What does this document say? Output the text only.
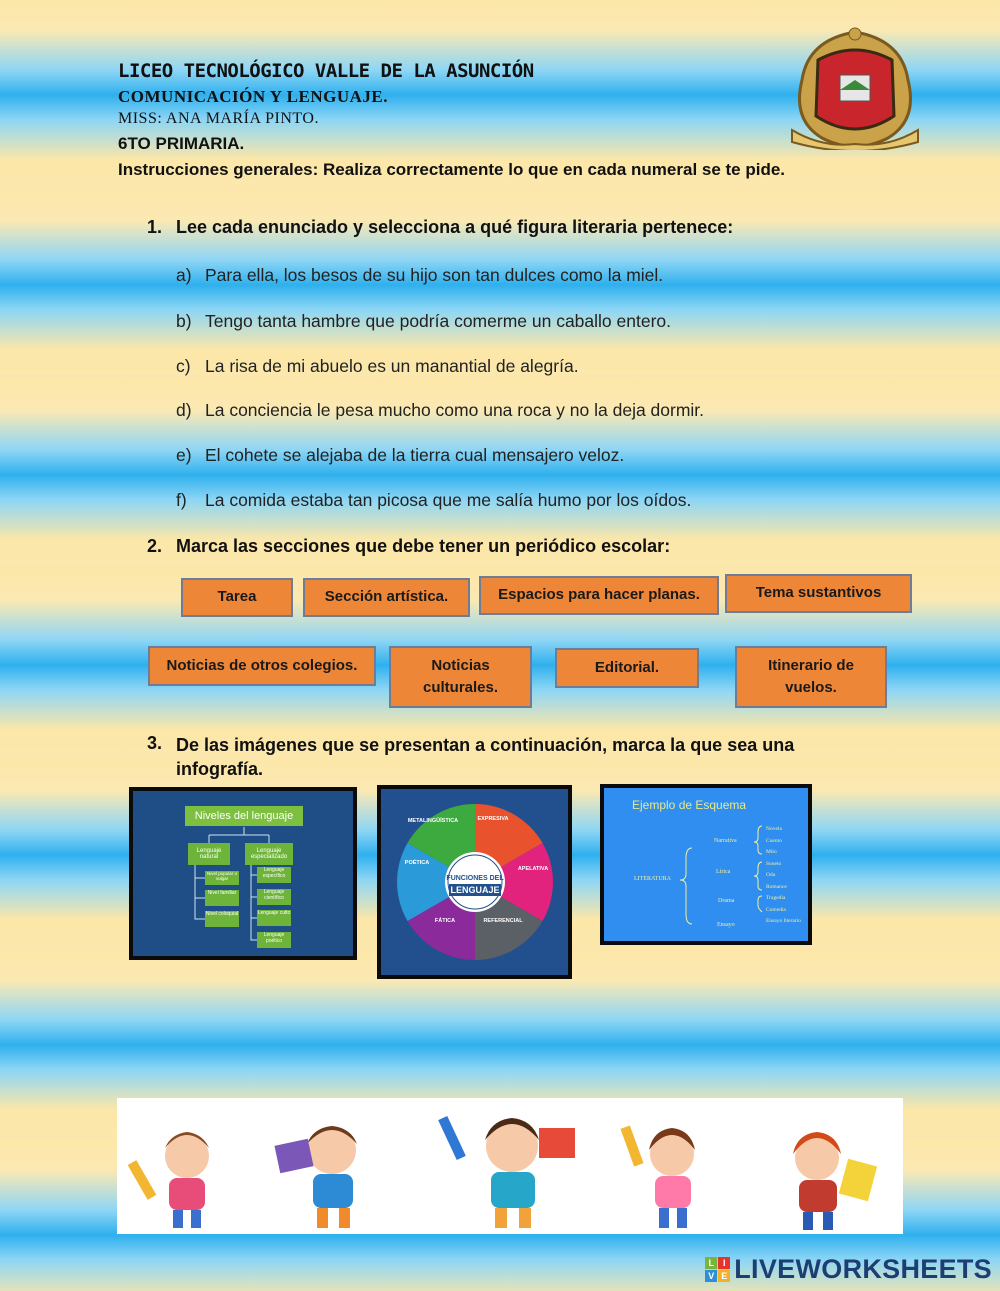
LICEO TECNOLÓGICO VALLE DE LA ASUNCIÓN
COMUNICACIÓN Y LENGUAJE.
MISS: ANA MARÍA PINTO.
6TO PRIMARIA.
Instrucciones generales: Realiza correctamente lo que en cada numeral se te pide.
1. Lee cada enunciado y selecciona a qué figura literaria pertenece:
a) Para ella, los besos de su hijo son tan dulces como la miel.
b) Tengo tanta hambre que podría comerme un caballo entero.
c) La risa de mi abuelo es un manantial de alegría.
d) La conciencia le pesa mucho como una roca y no la deja dormir.
e) El cohete se alejaba de la tierra cual mensajero veloz.
f) La comida estaba tan picosa que me salía humo por los oídos.
2. Marca las secciones que debe tener un periódico escolar:
Tarea	Sección artística.	Espacios para hacer planas.	Tema sustantivos
Noticias de otros colegios.	Noticias culturales.
Editorial.	Itinerario de vuelos.
3. De las imágenes que se presentan a continuación, marca la que sea una infografía.
Niveles del lenguaje
Lenguaje natural
Lenguaje especializado
Nivel popular o vulgar
Nivel familiar
Nivel coloquial
Lenguaje específico
Lenguaje científico
Lenguaje culto
Lenguaje poético
FUNCIONES DEL
LENGUAJE
METALINGÜÍSTICA	EXPRESIVA
APELATIVA
REFERENCIAL
FÁTICA
POÉTICA
Ejemplo de Esquema
LITERATURA
Narrativa
Lírica
Drama
Ensayo
Novela
Cuento
Mito
Soneto
Oda
Romance
Tragedia
Comedia
Ensayo literario
L I
V E LIVEWORKSHEETS
